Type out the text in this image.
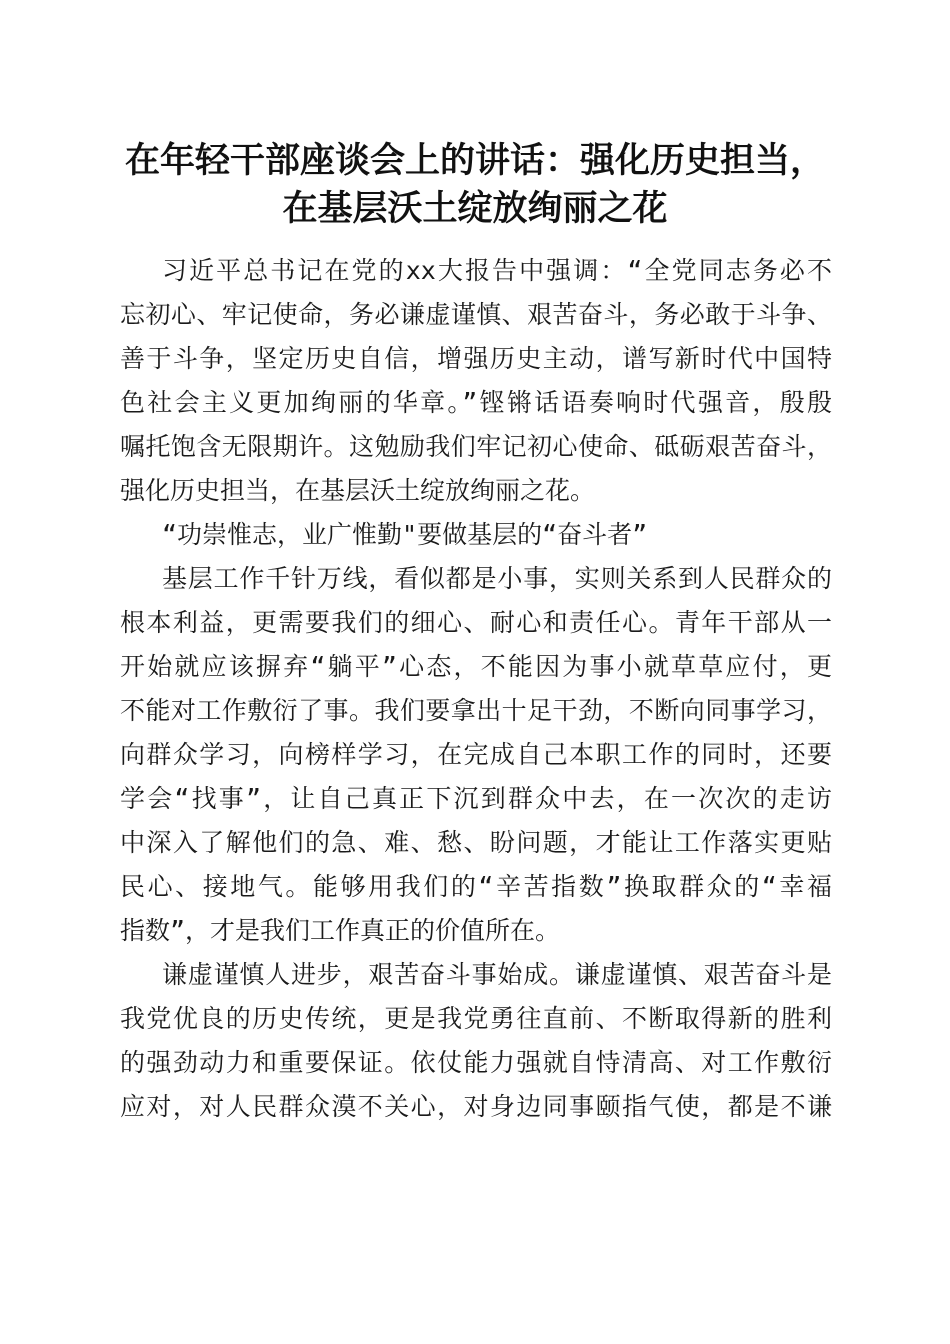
在年轻干部座谈会上的讲话：强化历史担当，
在基层沃土绽放绚丽之花
习近平总书记在党的xx大报告中强调：“全党同志务必不
忘初心、牢记使命，务必谦虚谨慎、艰苦奋斗，务必敢于斗争、
善于斗争，坚定历史自信，增强历史主动，谱写新时代中国特
色社会主义更加绚丽的华章。”铿锵话语奏响时代强音，殷殷
嘱托饱含无限期许。这勉励我们牢记初心使命、砥砺艰苦奋斗，
强化历史担当，在基层沃土绽放绚丽之花。
“功崇惟志，业广惟勤"要做基层的“奋斗者”
基层工作千针万线，看似都是小事，实则关系到人民群众的
根本利益，更需要我们的细心、耐心和责任心。青年干部从一
开始就应该摒弃“躺平”心态，不能因为事小就草草应付，更
不能对工作敷衍了事。我们要拿出十足干劲，不断向同事学习，
向群众学习，向榜样学习，在完成自己本职工作的同时，还要
学会“找事”，让自己真正下沉到群众中去，在一次次的走访
中深入了解他们的急、难、愁、盼问题，才能让工作落实更贴
民心、接地气。能够用我们的“辛苦指数”换取群众的“幸福
指数”，才是我们工作真正的价值所在。
谦虚谨慎人进步，艰苦奋斗事始成。谦虚谨慎、艰苦奋斗是
我党优良的历史传统，更是我党勇往直前、不断取得新的胜利
的强劲动力和重要保证。依仗能力强就自恃清高、对工作敷衍
应对，对人民群众漠不关心，对身边同事颐指气使，都是不谦
